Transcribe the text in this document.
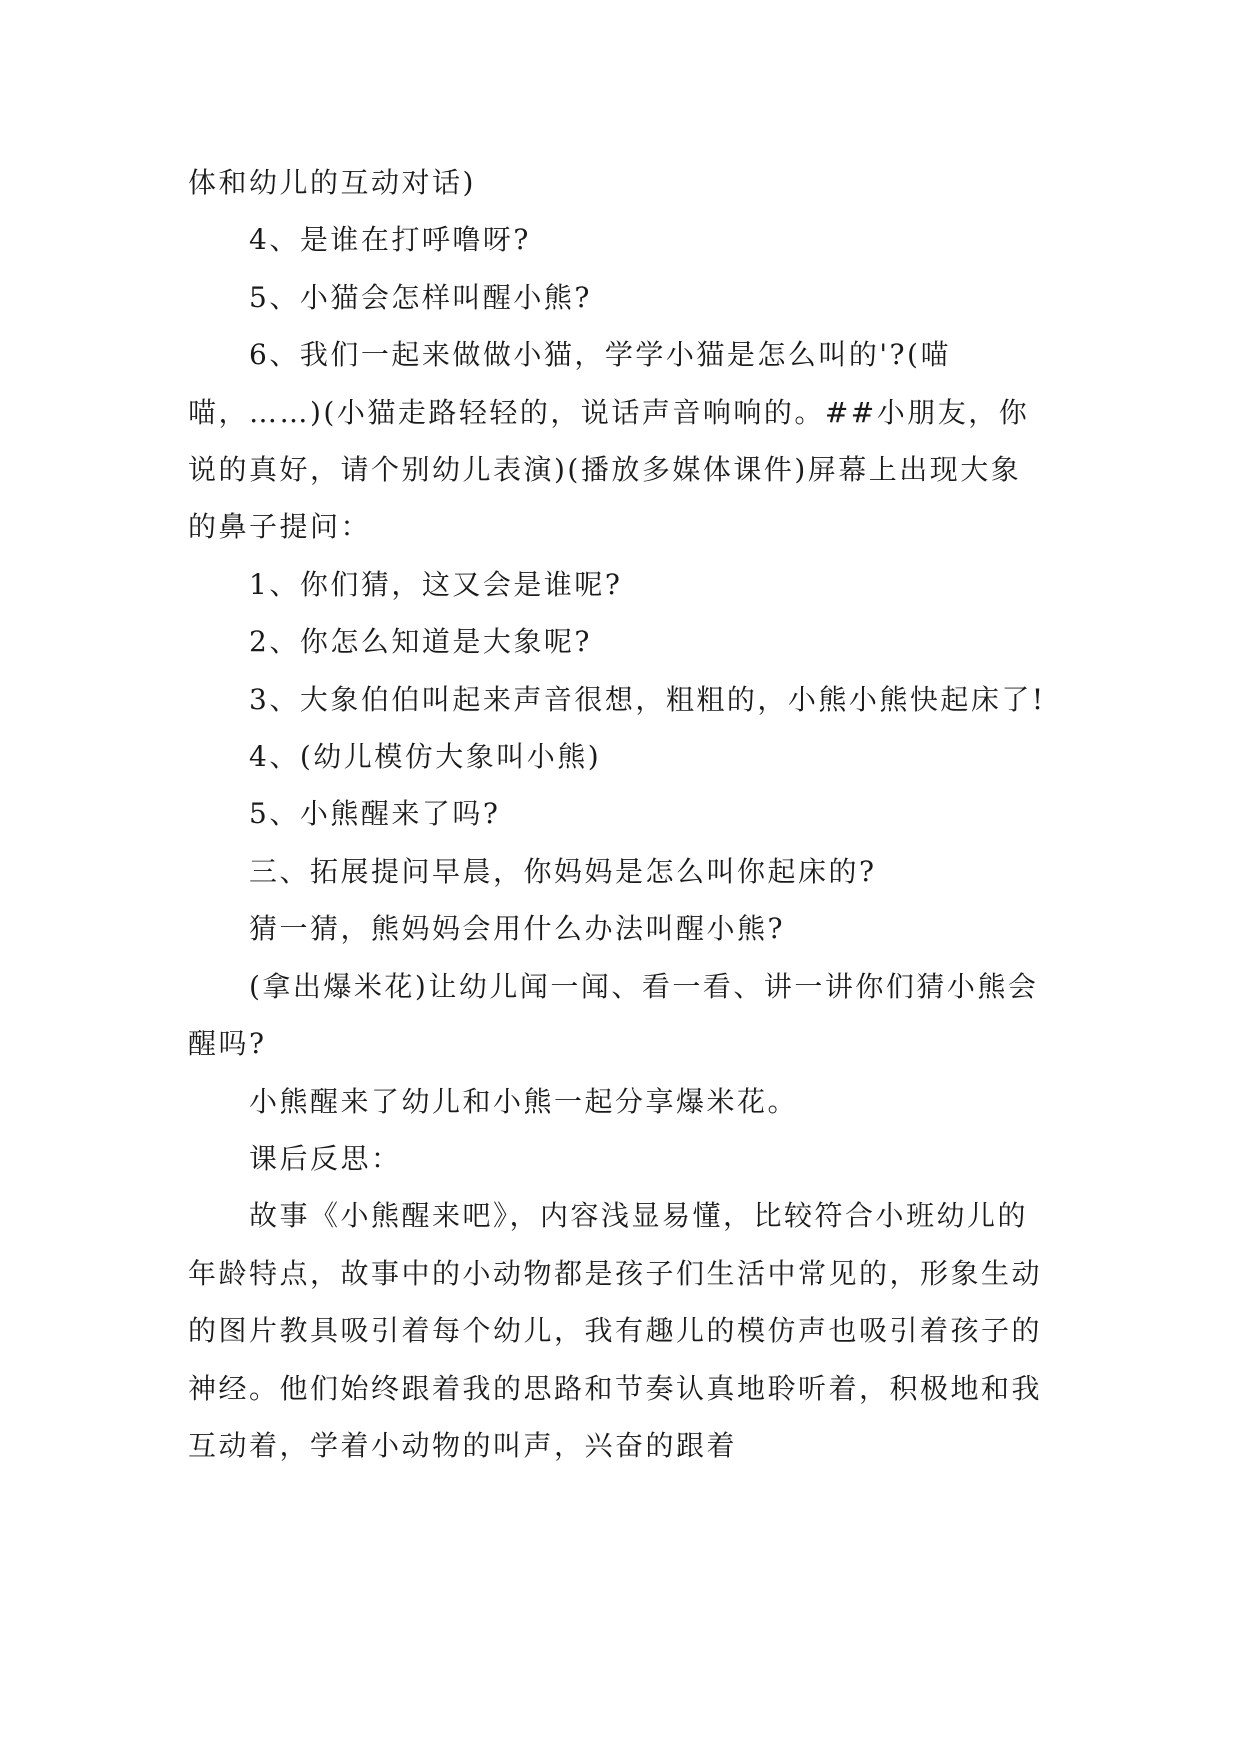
体和幼儿的互动对话)

4、是谁在打呼噜呀?

5、小猫会怎样叫醒小熊?

6、我们一起来做做小猫，学学小猫是怎么叫的'?(喵喵，……)(小猫走路轻轻的，说话声音响响的。##小朋友，你说的真好，请个别幼儿表演)(播放多媒体课件)屏幕上出现大象的鼻子提问：

1、你们猜，这又会是谁呢?

2、你怎么知道是大象呢?

3、大象伯伯叫起来声音很想，粗粗的，小熊小熊快起床了!

4、(幼儿模仿大象叫小熊)

5、小熊醒来了吗?

三、拓展提问早晨，你妈妈是怎么叫你起床的?

猜一猜，熊妈妈会用什么办法叫醒小熊?

(拿出爆米花)让幼儿闻一闻、看一看、讲一讲你们猜小熊会醒吗?

小熊醒来了幼儿和小熊一起分享爆米花。

课后反思：

故事《小熊醒来吧》，内容浅显易懂，比较符合小班幼儿的年龄特点，故事中的小动物都是孩子们生活中常见的，形象生动的图片教具吸引着每个幼儿，我有趣儿的模仿声也吸引着孩子的神经。他们始终跟着我的思路和节奏认真地聆听着，积极地和我互动着，学着小动物的叫声，兴奋的跟着
